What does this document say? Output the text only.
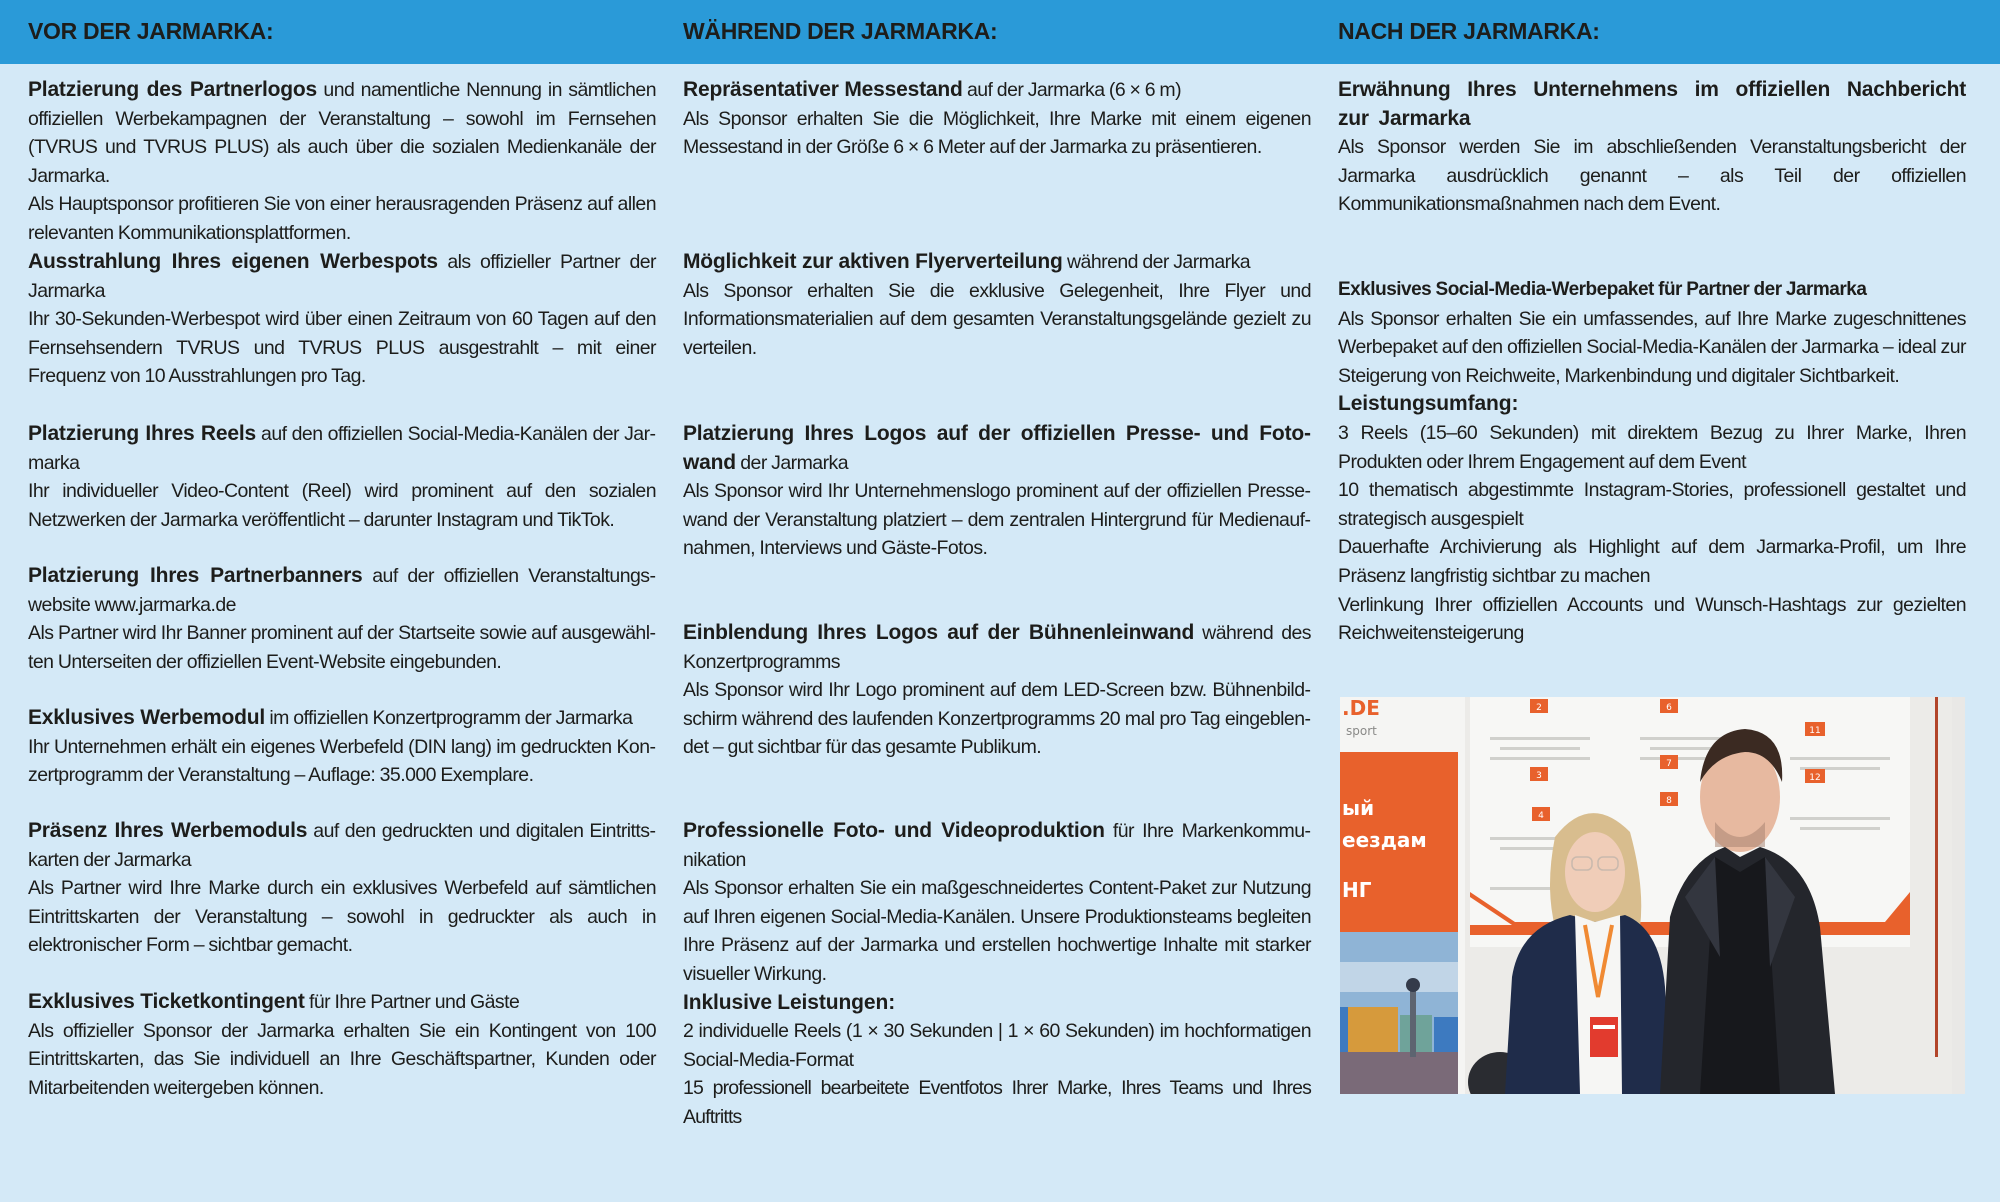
VOR DER JARMARKA:	WÄHREND DER JARMARKA:	NACH DER JARMARKA:

Platzierung des Partnerlogos und namentliche Nennung in sämtlichen offiziellen Werbekampagnen der Veranstaltung – sowohl im Fernsehen (TVRUS und TVRUS PLUS) als auch über die sozialen Medienkanäle der Jarmarka.

Als Hauptsponsor profitieren Sie von einer herausragenden Präsenz auf allen relevanten Kommunikationsplattformen.

Ausstrahlung Ihres eigenen Werbespots als offizieller Partner der Jarmarka

Ihr 30-Sekunden-Werbespot wird über einen Zeitraum von 60 Tagen auf den Fernsehsendern TVRUS und TVRUS PLUS ausgestrahlt – mit einer Frequenz von 10 Ausstrahlungen pro Tag.

Platzierung Ihres Reels auf den offiziellen Social-Media-Kanälen der Jarmarka

Ihr individueller Video-Content (Reel) wird prominent auf den sozialen Netzwerken der Jarmarka veröffentlicht – darunter Instagram und TikTok.

Platzierung Ihres Partnerbanners auf der offiziellen Veranstaltungswebsite www.jarmarka.de

Als Partner wird Ihr Banner prominent auf der Startseite sowie auf ausgewählten Unterseiten der offiziellen Event-Website eingebunden.

Exklusives Werbemodul im offiziellen Konzertprogramm der Jarmarka

Ihr Unternehmen erhält ein eigenes Werbefeld (DIN lang) im gedruckten Konzertprogramm der Veranstaltung – Auflage: 35.000 Exemplare.

Präsenz Ihres Werbemoduls auf den gedruckten und digitalen Eintrittskarten der Jarmarka

Als Partner wird Ihre Marke durch ein exklusives Werbefeld auf sämtlichen Eintrittskarten der Veranstaltung – sowohl in gedruckter als auch in elektronischer Form – sichtbar gemacht.

Exklusives Ticketkontingent für Ihre Partner und Gäste

Als offizieller Sponsor der Jarmarka erhalten Sie ein Kontingent von 100 Eintrittskarten, das Sie individuell an Ihre Geschäftspartner, Kunden oder Mitarbeitenden weitergeben können.

Repräsentativer Messestand auf der Jarmarka (6 × 6 m)

Als Sponsor erhalten Sie die Möglichkeit, Ihre Marke mit einem eigenen Messestand in der Größe 6 × 6 Meter auf der Jarmarka zu präsentieren.

Möglichkeit zur aktiven Flyerverteilung während der Jarmarka

Als Sponsor erhalten Sie die exklusive Gelegenheit, Ihre Flyer und Informationsmaterialien auf dem gesamten Veranstaltungsgelände gezielt zu verteilen.

Platzierung Ihres Logos auf der offiziellen Presse- und Fotowand der Jarmarka

Als Sponsor wird Ihr Unternehmenslogo prominent auf der offiziellen Pressewand der Veranstaltung platziert – dem zentralen Hintergrund für Medienaufnahmen, Interviews und Gäste-Fotos.

Einblendung Ihres Logos auf der Bühnenleinwand während des Konzertprogramms

Als Sponsor wird Ihr Logo prominent auf dem LED-Screen bzw. Bühnenbildschirm während des laufenden Konzertprogramms 20 mal pro Tag eingeblendet – gut sichtbar für das gesamte Publikum.

Professionelle Foto- und Videoproduktion für Ihre Markenkommunikation

Als Sponsor erhalten Sie ein maßgeschneidertes Content-Paket zur Nutzung auf Ihren eigenen Social-Media-Kanälen. Unsere Produktionsteams begleiten Ihre Präsenz auf der Jarmarka und erstellen hochwertige Inhalte mit starker visueller Wirkung.

Inklusive Leistungen:

2 individuelle Reels (1 × 30 Sekunden | 1 × 60 Sekunden) im hochformatigen Social-Media-Format

15 professionell bearbeitete Eventfotos Ihrer Marke, Ihres Teams und Ihres Auftritts

Erwähnung Ihres Unternehmens im offiziellen Nachbericht zur Jarmarka

Als Sponsor werden Sie im abschließenden Veranstaltungsbericht der Jarmarka ausdrücklich genannt – als Teil der offiziellen Kommunikationsmaßnahmen nach dem Event.

Exklusives Social-Media-Werbepaket für Partner der Jarmarka

Als Sponsor erhalten Sie ein umfassendes, auf Ihre Marke zugeschnittenes Werbepaket auf den offiziellen Social-Media-Kanälen der Jarmarka – ideal zur Steigerung von Reichweite, Markenbindung und digitaler Sichtbarkeit.

Leistungsumfang:

3 Reels (15–60 Sekunden) mit direktem Bezug zu Ihrer Marke, Ihren Produkten oder Ihrem Engagement auf dem Event

10 thematisch abgestimmte Instagram-Stories, professionell gestaltet und strategisch ausgespielt

Dauerhafte Archivierung als Highlight auf dem Jarmarka-Profil, um Ihre Präsenz langfristig sichtbar zu machen

Verlinkung Ihrer offiziellen Accounts und Wunsch-Hashtags zur gezielten Reichweitensteigerung

2	6
11
3
7
12
4
8
.DE
sport
ый
еездам
НГ
